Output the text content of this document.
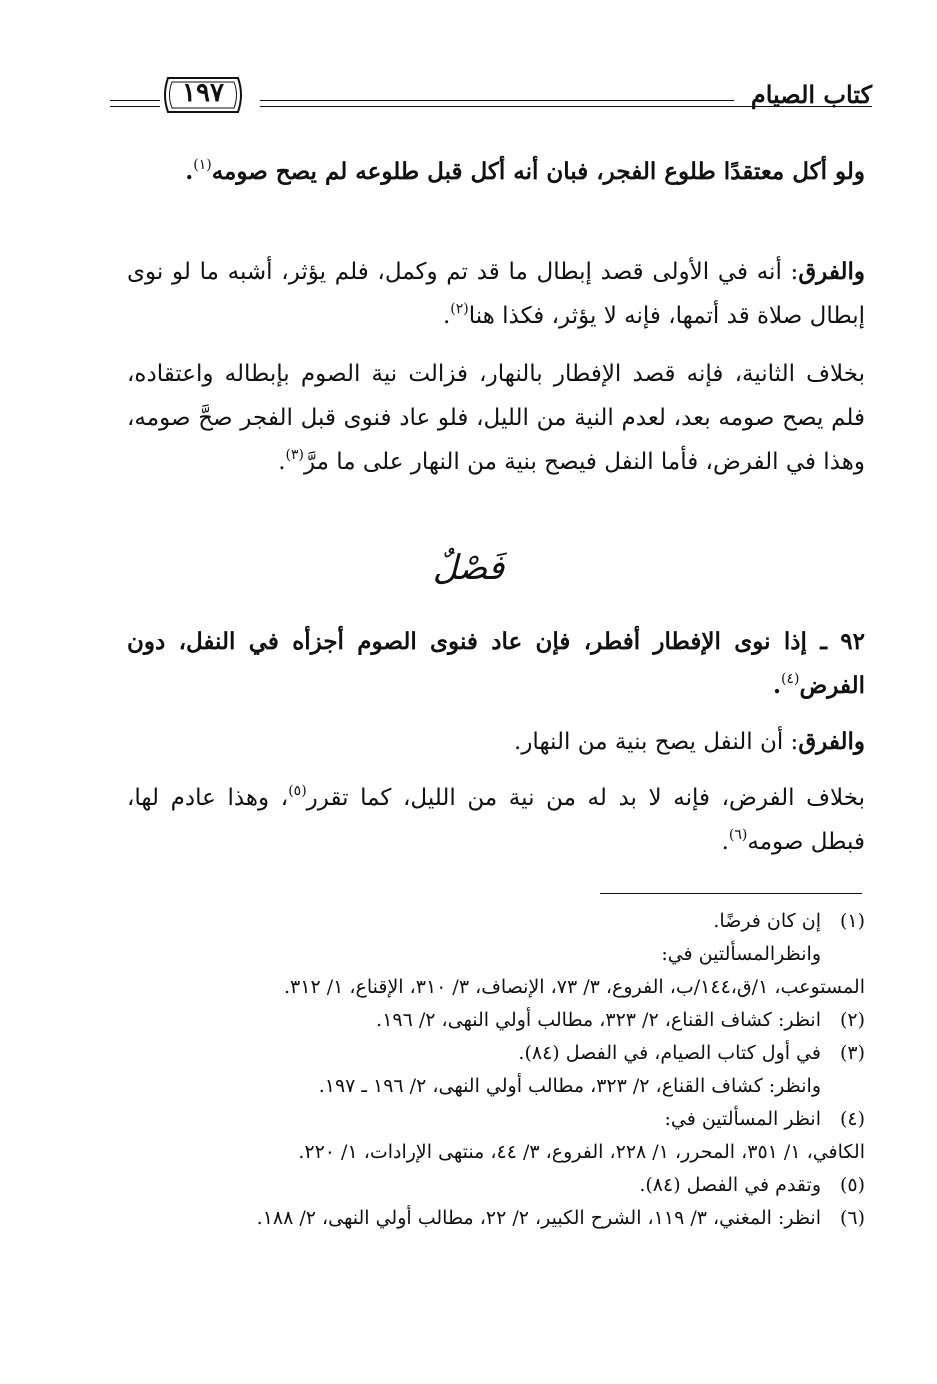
كتاب الصيام
١٩٧
ولو أكل معتقدًا طلوع الفجر، فبان أنه أكل قبل طلوعه لم يصح صومه$^{(١)}$.
والفرق: أنه في الأولى قصد إبطال ما قد تم وكمل، فلم يؤثر، أشبه ما لو نوى إبطال صلاة قد أتمها، فإنه لا يؤثر، فكذا هنا$^{(٢)}$.
بخلاف الثانية، فإنه قصد الإفطار بالنهار، فزالت نية الصوم بإبطاله واعتقاده، فلم يصح صومه بعد، لعدم النية من الليل، فلو عاد فنوى قبل الفجر صحَّ صومه، وهذا في الفرض، فأما النفل فيصح بنية من النهار على ما مرَّ$^{(٣)}$.
فَصْلٌ
٩٢ ـ إذا نوى الإفطار أفطر، فإن عاد فنوى الصوم أجزأه في النفل، دون الفرض$^{(٤)}$.
والفرق: أن النفل يصح بنية من النهار.
بخلاف الفرض، فإنه لا بد له من نية من الليل، كما تقرر$^{(٥)}$، وهذا عادم لها، فبطل صومه$^{(٦)}$.
(١)
إن كان فرضًا.
وانظرالمسألتين في:
المستوعب، ١/ق،١٤٤/ب، الفروع، ٣/ ٧٣، الإنصاف، ٣/ ٣١٠، الإقناع، ١/ ٣١٢.
(٢)
انظر: كشاف القناع، ٢/ ٣٢٣، مطالب أولي النهى، ٢/ ١٩٦.
(٣)
في أول كتاب الصيام، في الفصل (٨٤).
وانظر: كشاف القناع، ٢/ ٣٢٣، مطالب أولي النهى، ٢/ ١٩٦ ـ ١٩٧.
(٤)
انظر المسألتين في:
الكافي، ١/ ٣٥١، المحرر، ١/ ٢٢٨، الفروع، ٣/ ٤٤، منتهى الإرادات، ١/ ٢٢٠.
(٥)
وتقدم في الفصل (٨٤).
(٦)
انظر: المغني، ٣/ ١١٩، الشرح الكبير، ٢/ ٢٢، مطالب أولي النهى، ٢/ ١٨٨.
